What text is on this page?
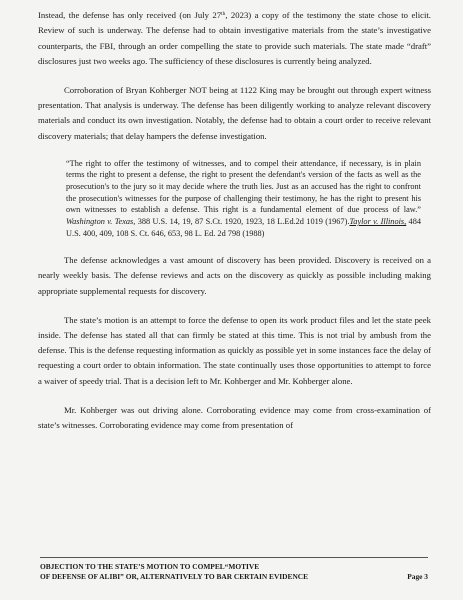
Instead, the defense has only received (on July 27th, 2023) a copy of the testimony the state chose to elicit. Review of such is underway. The defense had to obtain investigative materials from the state’s investigative counterparts, the FBI, through an order compelling the state to provide such materials. The state made “draft” disclosures just two weeks ago. The sufficiency of these disclosures is currently being analyzed.

Corroboration of Bryan Kohberger NOT being at 1122 King may be brought out through expert witness presentation. That analysis is underway. The defense has been diligently working to analyze relevant discovery materials and conduct its own investigation. Notably, the defense had to obtain a court order to receive relevant discovery materials; that delay hampers the defense investigation.

“The right to offer the testimony of witnesses, and to compel their attendance, if necessary, is in plain terms the right to present a defense, the right to present the defendant's version of the facts as well as the prosecution's to the jury so it may decide where the truth lies. Just as an accused has the right to confront the prosecution's witnesses for the purpose of challenging their testimony, he has the right to present his own witnesses to establish a defense. This right is a fundamental element of due process of law.” Washington v. Texas, 388 U.S. 14, 19, 87 S.Ct. 1920, 1923, 18 L.Ed.2d 1019 (1967).Taylor v. Illinois, 484 U.S. 400, 409, 108 S. Ct. 646, 653, 98 L. Ed. 2d 798 (1988)

The defense acknowledges a vast amount of discovery has been provided. Discovery is received on a nearly weekly basis. The defense reviews and acts on the discovery as quickly as possible including making appropriate supplemental requests for discovery.

The state’s motion is an attempt to force the defense to open its work product files and let the state peek inside. The defense has stated all that can firmly be stated at this time. This is not trial by ambush from the defense. This is the defense requesting information as quickly as possible yet in some instances face the delay of requesting a court order to obtain information. The state continually uses those opportunities to attempt to force a waiver of speedy trial. That is a decision left to Mr. Kohberger and Mr. Kohberger alone.

Mr. Kohberger was out driving alone. Corroborating evidence may come from cross-examination of state’s witnesses. Corroborating evidence may come from presentation of

OBJECTION TO THE STATE’S MOTION TO COMPEL“MOTIVE
OF DEFENSE OF ALIBI” OR, ALTERNATIVELY TO BAR CERTAIN EVIDENCE	Page 3
